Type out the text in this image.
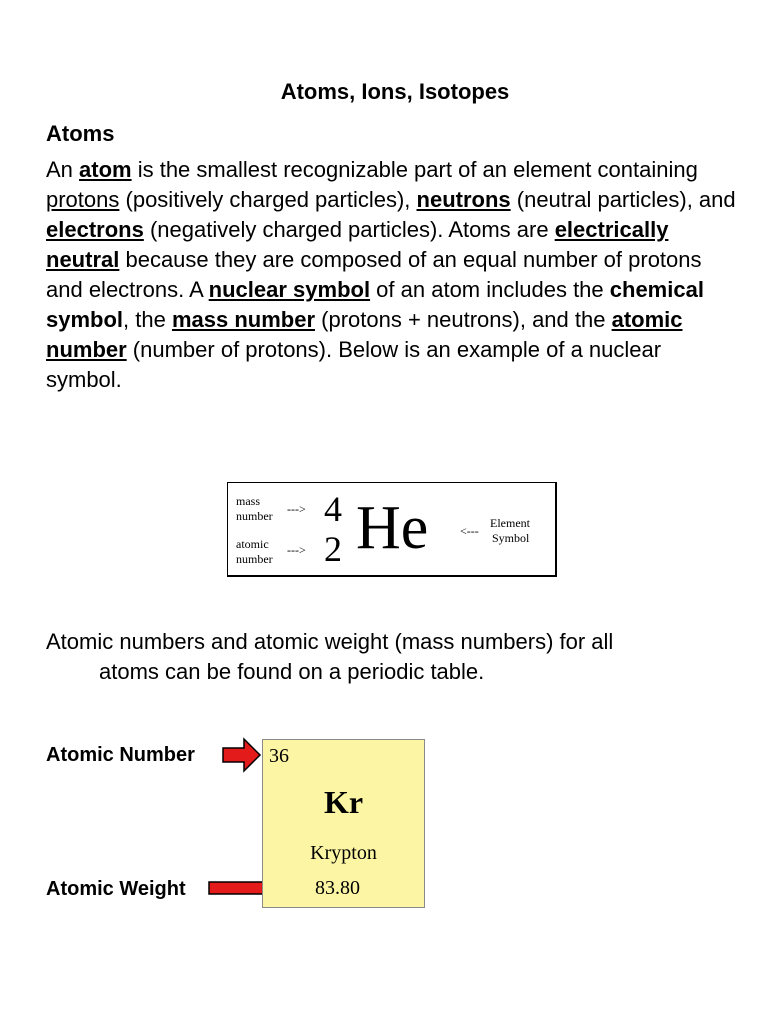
Atoms, Ions, Isotopes
Atoms
An atom is the smallest recognizable part of an element containing protons (positively charged particles), neutrons (neutral particles), and electrons (negatively charged particles). Atoms are electrically neutral because they are composed of an equal number of protons and electrons. A nuclear symbol of an atom includes the chemical symbol, the mass number (protons + neutrons), and the atomic number (number of protons). Below is an example of a nuclear symbol.
mass
number --->
atomic
number
--->
4
2 He	<---
Element
Symbol
Atomic numbers and atomic weight (mass numbers) for all
atoms can be found on a periodic table.
Atomic Number
Atomic Weight
36
Kr
Krypton
83.80
